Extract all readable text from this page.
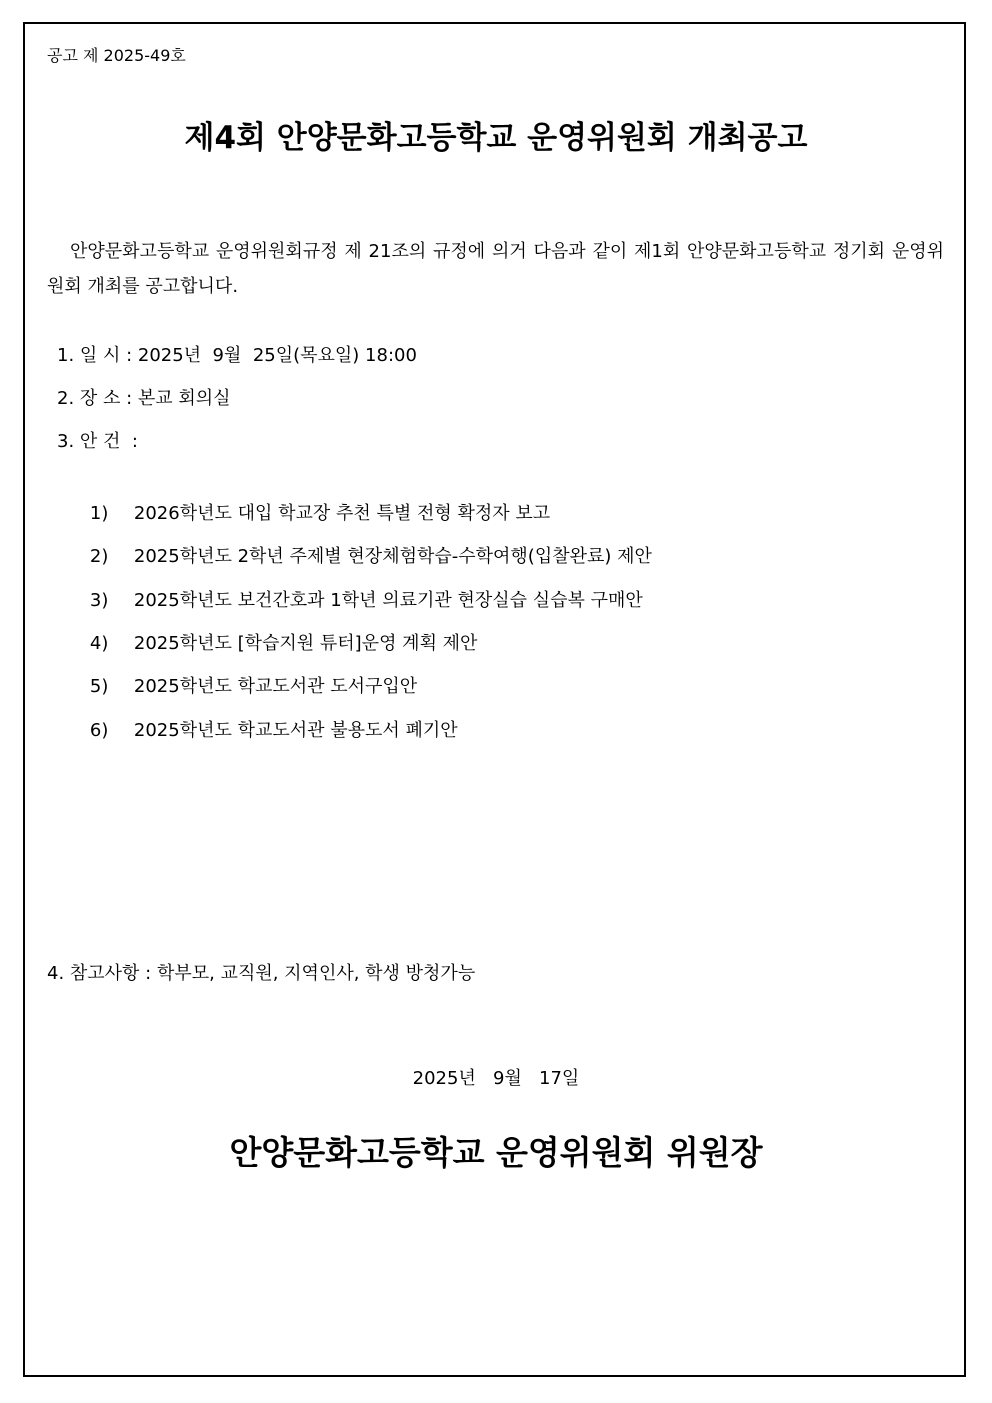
공고 제 2025-49호
제4회 안양문화고등학교 운영위원회 개최공고
안양문화고등학교 운영위원회규정 제 21조의 규정에 의거 다음과 같이 제1회 안양문화고등학교 정기회 운영위원회 개최를 공고합니다.
1. 일 시 : 2025년  9월  25일(목요일) 18:00
2. 장 소 : 본교 회의실
3. 안 건  :

1) 2026학년도 대입 학교장 추천 특별 전형 확정자 보고

2) 2025학년도 2학년 주제별 현장체험학습-수학여행(입찰완료) 제안

3) 2025학년도 보건간호과 1학년 의료기관 현장실습 실습복 구매안

4) 2025학년도 [학습지원 튜터]운영 계획 제안

5) 2025학년도 학교도서관 도서구입안

6) 2025학년도 학교도서관 불용도서 폐기안

4. 참고사항 : 학부모, 교직원, 지역인사, 학생 방청가능
2025년   9월   17일
안양문화고등학교 운영위원회 위원장
